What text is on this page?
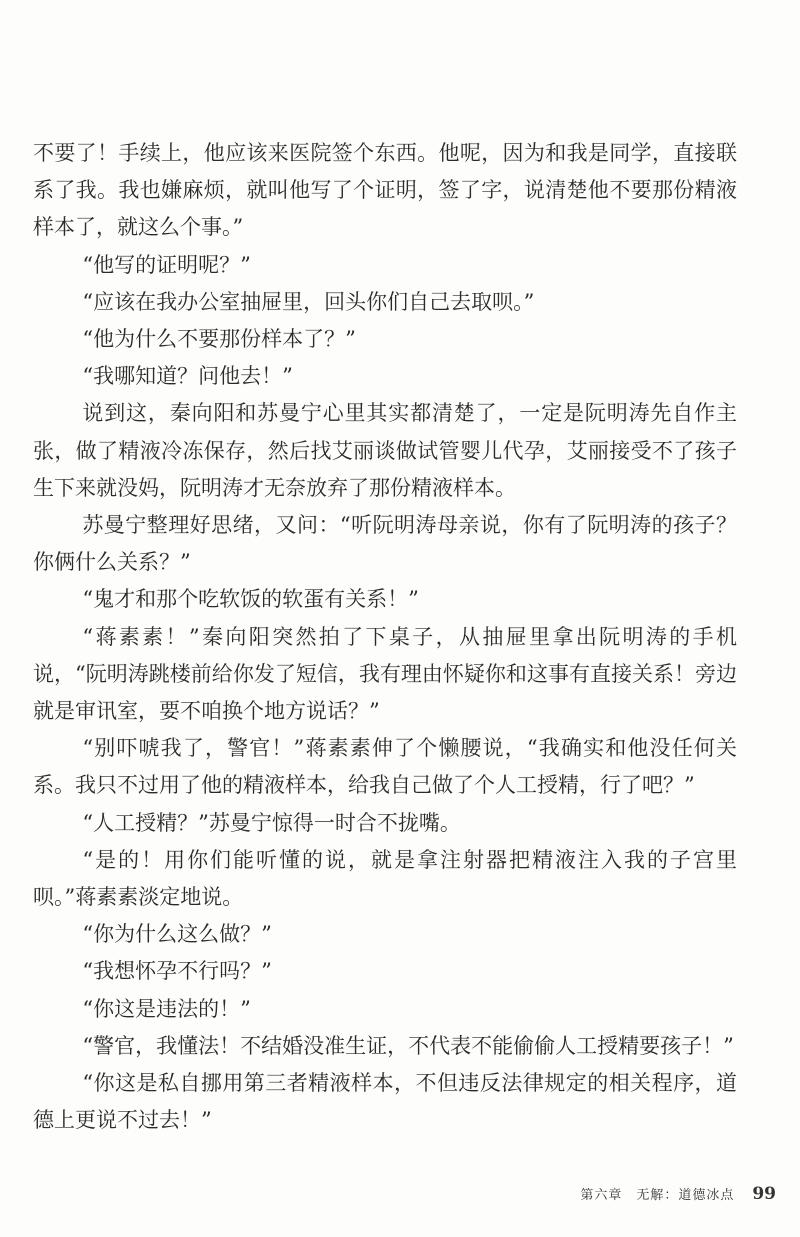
不要了！手续上，他应该来医院签个东西。他呢，因为和我是同学，直接联系了我。我也嫌麻烦，就叫他写了个证明，签了字，说清楚他不要那份精液样本了，就这么个事。”

“他写的证明呢？”

“应该在我办公室抽屉里，回头你们自己去取呗。”

“他为什么不要那份样本了？”

“我哪知道？问他去！”

说到这，秦向阳和苏曼宁心里其实都清楚了，一定是阮明涛先自作主张，做了精液冷冻保存，然后找艾丽谈做试管婴儿代孕，艾丽接受不了孩子生下来就没妈，阮明涛才无奈放弃了那份精液样本。

苏曼宁整理好思绪，又问：“听阮明涛母亲说，你有了阮明涛的孩子？你俩什么关系？”

“鬼才和那个吃软饭的软蛋有关系！”

“蒋素素！”秦向阳突然拍了下桌子，从抽屉里拿出阮明涛的手机说，“阮明涛跳楼前给你发了短信，我有理由怀疑你和这事有直接关系！旁边就是审讯室，要不咱换个地方说话？”

“别吓唬我了，警官！”蒋素素伸了个懒腰说，“我确实和他没任何关系。我只不过用了他的精液样本，给我自己做了个人工授精，行了吧？”

“人工授精？”苏曼宁惊得一时合不拢嘴。

“是的！用你们能听懂的说，就是拿注射器把精液注入我的子宫里呗。”蒋素素淡定地说。

“你为什么这么做？”

“我想怀孕不行吗？”

“你这是违法的！”

“警官，我懂法！不结婚没准生证，不代表不能偷偷人工授精要孩子！”

“你这是私自挪用第三者精液样本，不但违反法律规定的相关程序，道德上更说不过去！”

第六章　无解：道德冰点 99
